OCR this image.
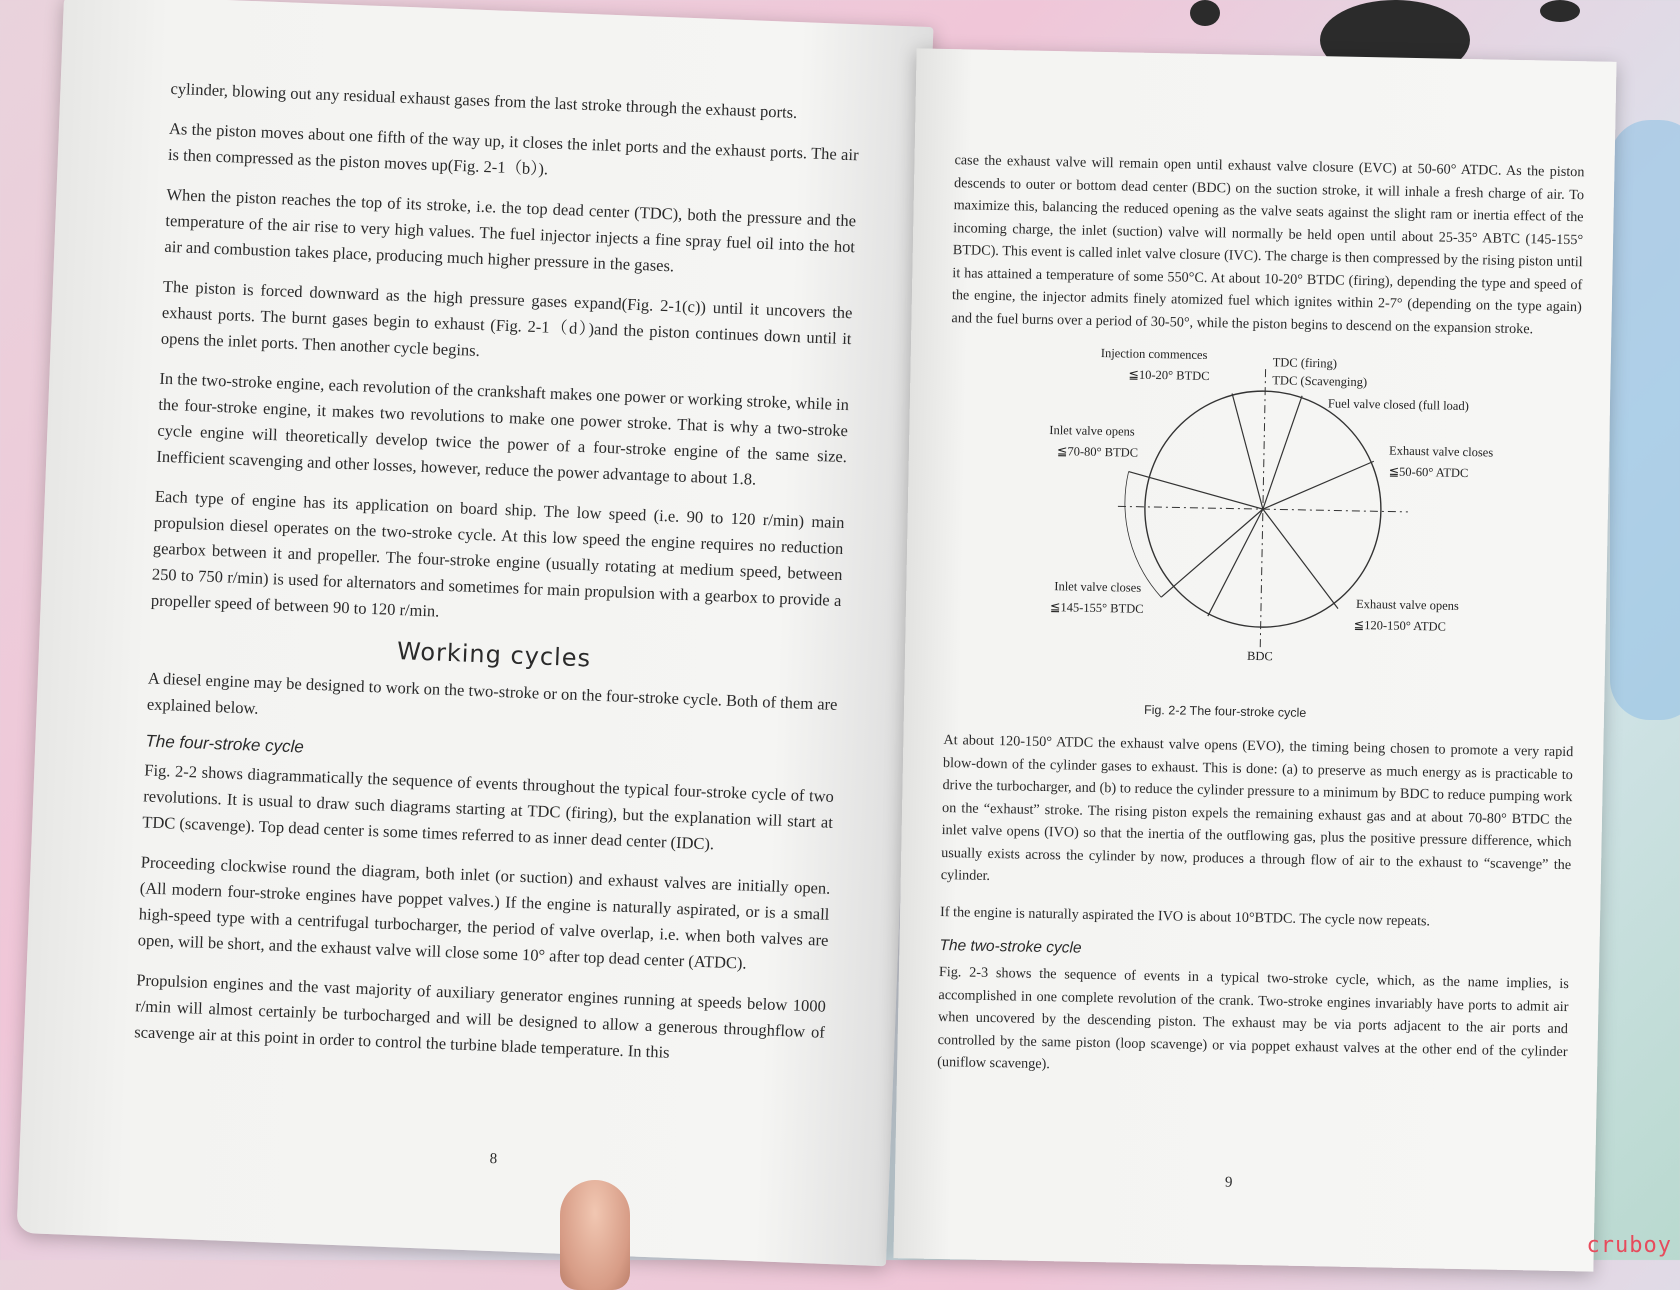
cylinder, blowing out any residual exhaust gases from the last stroke through the exhaust ports.

As the piston moves about one fifth of the way up, it closes the inlet ports and the exhaust ports. The air is then compressed as the piston moves up(Fig. 2-1（b）).

When the piston reaches the top of its stroke, i.e. the top dead center (TDC), both the pressure and the temperature of the air rise to very high values. The fuel injector injects a fine spray fuel oil into the hot air and combustion takes place, producing much higher pressure in the gases.

The piston is forced downward as the high pressure gases expand(Fig. 2-1(c)) until it uncovers the exhaust ports. The burnt gases begin to exhaust (Fig. 2-1（d）)and the piston continues down until it opens the inlet ports. Then another cycle begins.

In the two-stroke engine, each revolution of the crankshaft makes one power or working stroke, while in the four-stroke engine, it makes two revolutions to make one power stroke. That is why a two-stroke cycle engine will theoretically develop twice the power of a four-stroke engine of the same size. Inefficient scavenging and other losses, however, reduce the power advantage to about 1.8.

Each type of engine has its application on board ship. The low speed (i.e. 90 to 120 r/min) main propulsion diesel operates on the two-stroke cycle. At this low speed the engine requires no reduction gearbox between it and propeller. The four-stroke engine (usually rotating at medium speed, between 250 to 750 r/min) is used for alternators and sometimes for main propulsion with a gearbox to provide a propeller speed of between 90 to 120 r/min.

Working cycles

A diesel engine may be designed to work on the two-stroke or on the four-stroke cycle. Both of them are explained below.

The four-stroke cycle

Fig. 2-2 shows diagrammatically the sequence of events throughout the typical four-stroke cycle of two revolutions. It is usual to draw such diagrams starting at TDC (firing), but the explanation will start at TDC (scavenge). Top dead center is some times referred to as inner dead center (IDC).

Proceeding clockwise round the diagram, both inlet (or suction) and exhaust valves are initially open. (All modern four-stroke engines have poppet valves.) If the engine is naturally aspirated, or is a small high-speed type with a centrifugal turbocharger, the period of valve overlap, i.e. when both valves are open, will be short, and the exhaust valve will close some 10° after top dead center (ATDC).

Propulsion engines and the vast majority of auxiliary generator engines running at speeds below 1000 r/min will almost certainly be turbocharged and will be designed to allow a generous throughflow of scavenge air at this point in order to control the turbine blade temperature. In this

8

case the exhaust valve will remain open until exhaust valve closure (EVC) at 50-60° ATDC. As the piston descends to outer or bottom dead center (BDC) on the suction stroke, it will inhale a fresh charge of air. To maximize this, balancing the reduced opening as the valve seats against the slight ram or inertia effect of the incoming charge, the inlet (suction) valve will normally be held open until about 25-35° ABTC (145-155° BTDC). This event is called inlet valve closure (IVC). The charge is then compressed by the rising piston until it has attained a temperature of some 550°C. At about 10-20° BTDC (firing), depending the type and speed of the engine, the injector admits finely atomized fuel which ignites within 2-7° (depending on the type again) and the fuel burns over a period of 30-50°, while the piston begins to descend on the expansion stroke.

Injection commences
≦10-20° BTDC
TDC (firing)
TDC (Scavenging)
Fuel valve closed (full load)
Inlet valve opens
≦70-80° BTDC	Exhaust valve closes
≦50-60° ATDC
Inlet valve closes
≦145-155° BTDC	Exhaust valve opens
≦120-150° ATDC
BDC
Fig. 2-2 The four-stroke cycle

At about 120-150° ATDC the exhaust valve opens (EVO), the timing being chosen to promote a very rapid blow-down of the cylinder gases to exhaust. This is done: (a) to preserve as much energy as is practicable to drive the turbocharger, and (b) to reduce the cylinder pressure to a minimum by BDC to reduce pumping work on the “exhaust” stroke. The rising piston expels the remaining exhaust gas and at about 70-80° BTDC the inlet valve opens (IVO) so that the inertia of the outflowing gas, plus the positive pressure difference, which usually exists across the cylinder by now, produces a through flow of air to the exhaust to “scavenge” the cylinder.

If the engine is naturally aspirated the IVO is about 10°BTDC. The cycle now repeats.

The two-stroke cycle

Fig. 2-3 shows the sequence of events in a typical two-stroke cycle, which, as the name implies, is accomplished in one complete revolution of the crank. Two-stroke engines invariably have ports to admit air when uncovered by the descending piston. The exhaust may be via ports adjacent to the air ports and controlled by the same piston (loop scavenge) or via poppet exhaust valves at the other end of the cylinder (uniflow scavenge).

9
cruboy
